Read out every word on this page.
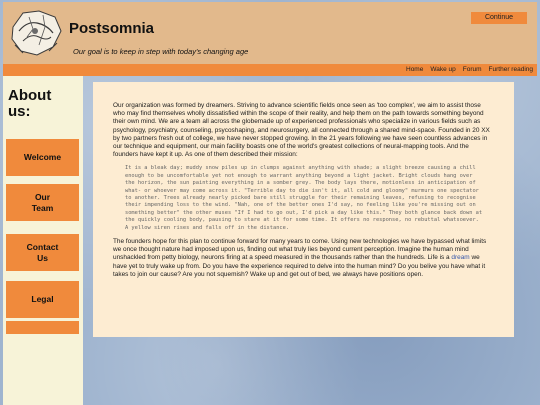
Postsomnia
Our goal is to keep in step with today's changing age
Continue
Home Wake up Forum Further reading
About us:
Welcome
Our Team
Contact Us
Legal

Our organization was formed by dreamers. Striving to advance scientific fields once seen as 'too complex', we aim to assist those who may find themselves wholly dissatisfied within the scope of their reality, and help them on the path towards something beyond their own mind. We are a team all across the globemade up of experienced professionals who specialize in various fields such as psychology, psychiatry, counseling, psycoshaping, and neurosurgery, all connected through a shared mind-space. Founded in 20 XX by two partners fresh out of college, we have never stopped growing. In the 21 years following we have seen countless advances in our technique and equipment, our main facility boasts one of the world's greatest collections of neural-mapping tools. And the founders have kept it up. As one of them described their mission:

It is a bleak day; muddy snow piles up in clumps against anything with shade; a slight breeze causing a chill enough to be uncomfortable yet not enough to warrant anything beyond a light jacket. Bright clouds hang over the horizon, the sun painting everything in a somber grey. The body lays there, motionless in anticipation of what- or whoever may come across it. "Terrible day to die isn't it, all cold and gloomy" murmurs one spectator to another. Trees already nearly picked bare still struggle for their remaining leaves, refusing to recognise their impending loss to the wind. "Nah, one of the better ones I'd say, no feeling like you're missing out on something better" the other muses "If I had to go out, I'd pick a day like this." They both glance back down at the quickly cooling body, pausing to stare at it for some time. It offers no response, no rebuttal whatsoever. A yellow siren rises and falls off in the distance.

The founders hope for this plan to continue forward for many years to come. Using new technologies we have bypassed what limits we once thought nature had imposed upon us, finding out what truly lies beyond current perception. Imagine the human mind unshackled from petty biology, neurons firing at a speed measured in the thousands rather than the hundreds. Life is a dream we have yet to truly wake up from. Do you have the experience required to delve into the human mind? Do you belive you have what it takes to join our cause? Are you not squemish? Wake up and get out of bed, we always have positions open.
